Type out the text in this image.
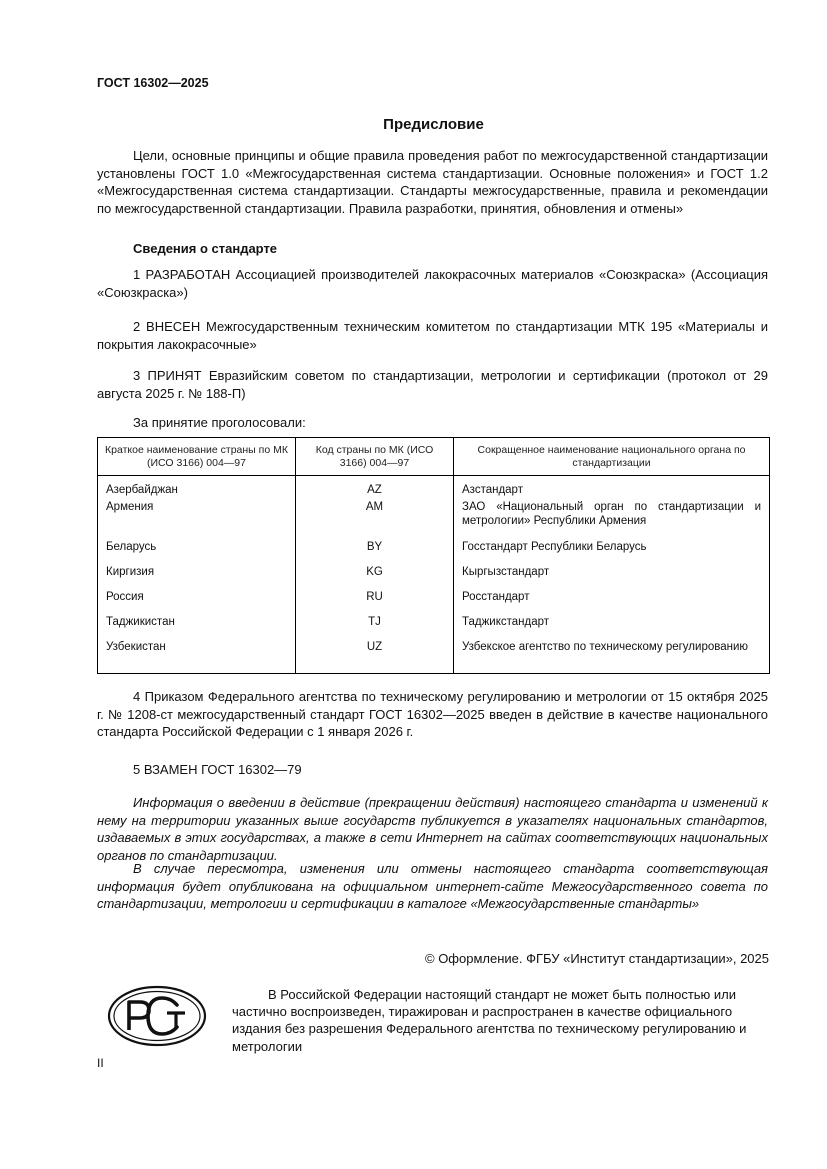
ГОСТ 16302—2025
Предисловие
Цели, основные принципы и общие правила проведения работ по межгосударственной стандартизации установлены ГОСТ 1.0 «Межгосударственная система стандартизации. Основные положения» и ГОСТ 1.2 «Межгосударственная система стандартизации. Стандарты межгосударственные, правила и рекомендации по межгосударственной стандартизации. Правила разработки, принятия, обновления и отмены»
Сведения о стандарте
1 РАЗРАБОТАН Ассоциацией производителей лакокрасочных материалов «Союзкраска» (Ассоциация «Союзкраска»)
2 ВНЕСЕН Межгосударственным техническим комитетом по стандартизации МТК 195 «Материалы и покрытия лакокрасочные»
3 ПРИНЯТ Евразийским советом по стандартизации, метрологии и сертификации (протокол от 29 августа 2025 г. № 188-П)
За принятие проголосовали:
Краткое наименование страны по МК (ИСО 3166) 004—97	Код страны по МК (ИСО 3166) 004—97	Сокращенное наименование национального органа по стандартизации
Азербайджан	AZ	Азстандарт
Армения	AM	ЗАО «Национальный орган по стандартизации и метрологии» Республики Армения
Беларусь	BY	Госстандарт Республики Беларусь
Киргизия	KG	Кыргызстандарт
Россия	RU	Росстандарт
Таджикистан	TJ	Таджикстандарт
Узбекистан	UZ	Узбекское агентство по техническому регулированию
4 Приказом Федерального агентства по техническому регулированию и метрологии от 15 октября 2025 г. № 1208-ст межгосударственный стандарт ГОСТ 16302—2025 введен в действие в качестве национального стандарта Российской Федерации с 1 января 2026 г.
5 ВЗАМЕН ГОСТ 16302—79
Информация о введении в действие (прекращении действия) настоящего стандарта и изменений к нему на территории указанных выше государств публикуется в указателях национальных стандартов, издаваемых в этих государствах, а также в сети Интернет на сайтах соответствующих национальных органов по стандартизации.
В случае пересмотра, изменения или отмены настоящего стандарта соответствующая информация будет опубликована на официальном интернет-сайте Межгосударственного совета по стандартизации, метрологии и сертификации в каталоге «Межгосударственные стандарты»
© Оформление. ФГБУ «Институт стандартизации», 2025
В Российской Федерации настоящий стандарт не может быть полностью или частично воспроизведен, тиражирован и распространен в качестве официального издания без разрешения Федерального агентства по техническому регулированию и метрологии
II
